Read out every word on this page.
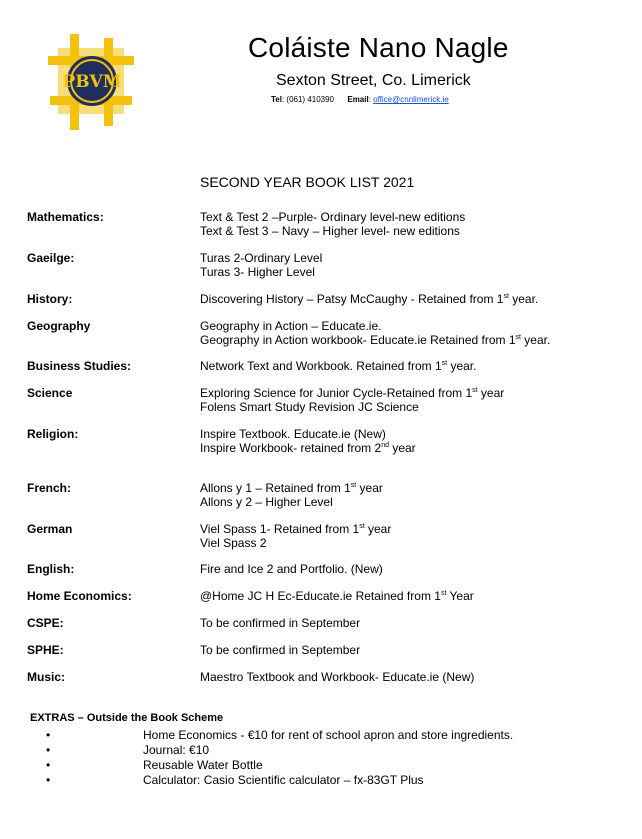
PBVM
Coláiste Nano Nagle
Sexton Street, Co. Limerick
Tel: (061) 410390 Email: office@cnnlimerick.ie
SECOND YEAR BOOK LIST 2021
Mathematics:	Text & Test 2 –Purple- Ordinary level-new editions
Text & Test 3 – Navy – Higher level- new editions
Gaeilge:	Turas 2-Ordinary Level
Turas 3- Higher Level
History:	Discovering History – Patsy McCaughy - Retained from 1st year.
Geography	Geography in Action – Educate.ie.
Geography in Action workbook- Educate.ie Retained from 1st year.
Business Studies:	Network Text and Workbook. Retained from 1st year.
Science	Exploring Science for Junior Cycle-Retained from 1st year
Folens Smart Study Revision JC Science
Religion:	Inspire Textbook. Educate.ie (New)
Inspire Workbook- retained from 2nd year
French:	Allons y 1 – Retained from 1st year
Allons y 2 – Higher Level
German	Viel Spass 1- Retained from 1st year
Viel Spass 2
English:	Fire and Ice 2 and Portfolio. (New)
Home Economics:	@Home JC H Ec-Educate.ie Retained from 1st Year
CSPE:	To be confirmed in September
SPHE:	To be confirmed in September
Music:	Maestro Textbook and Workbook- Educate.ie (New)
EXTRAS – Outside the Book Scheme
•	Home Economics - €10 for rent of school apron and store ingredients.
•	Journal: €10
•	Reusable Water Bottle
•	Calculator: Casio Scientific calculator – fx-83GT Plus
